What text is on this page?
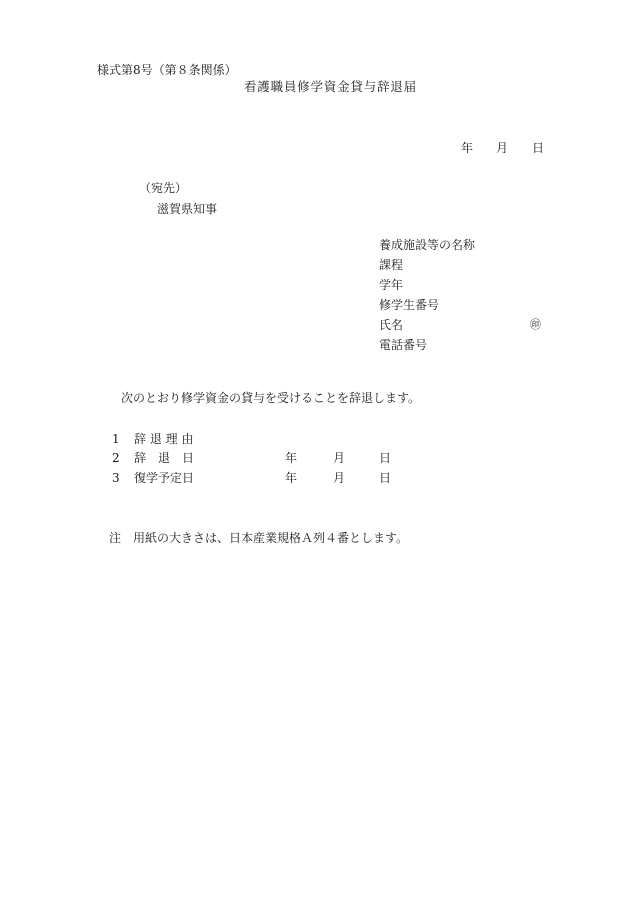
様式第8号（第８条関係）
看護職員修学資金貸与辞退届
年 月 日
（宛先）
滋賀県知事
養成施設等の名称
課程
学年
修学生番号
氏名	㊞
電話番号
次のとおり修学資金の貸与を受けることを辞退します。
1 辞 退 理 由
2 辞　退　日	年	月	日
3 復学予定日	年	月	日
注 用紙の大きさは、日本産業規格Ａ列４番とします。
